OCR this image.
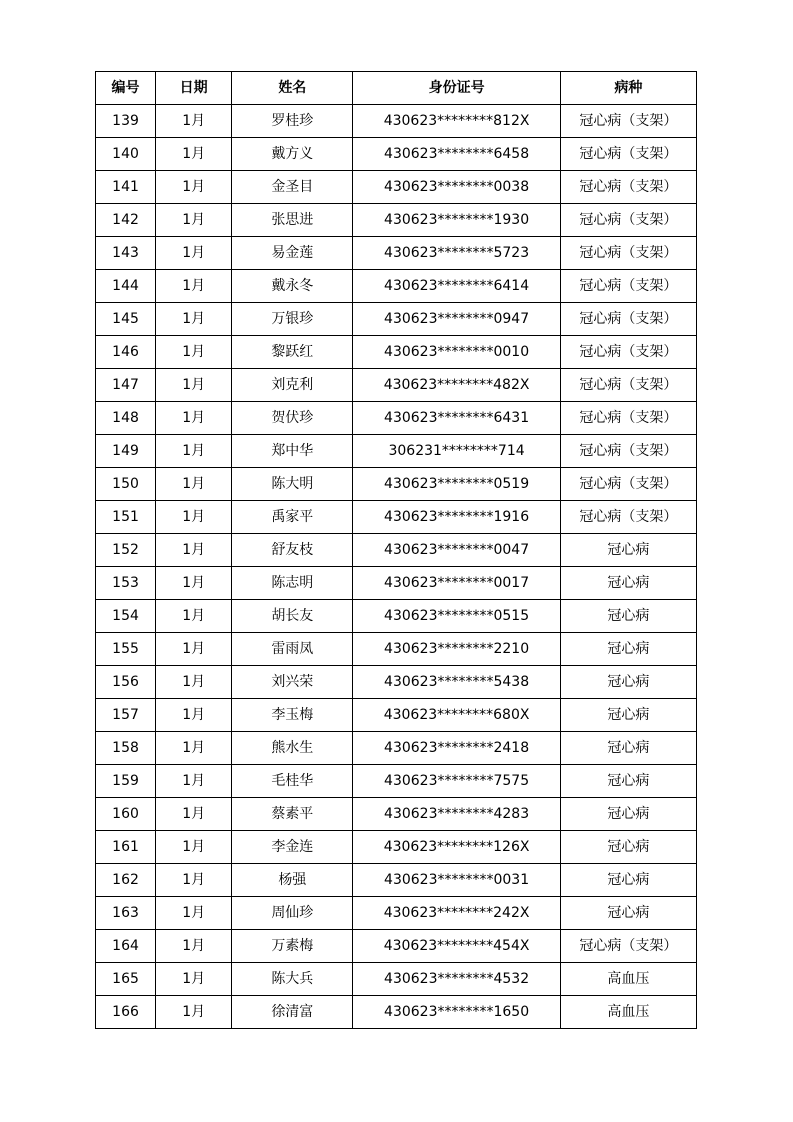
编号	日期	姓名	身份证号	病种
139	1月	罗桂珍	430623********812X	冠心病（支架）
140	1月	戴方义	430623********6458	冠心病（支架）
141	1月	金圣目	430623********0038	冠心病（支架）
142	1月	张思进	430623********1930	冠心病（支架）
143	1月	易金莲	430623********5723	冠心病（支架）
144	1月	戴永冬	430623********6414	冠心病（支架）
145	1月	万银珍	430623********0947	冠心病（支架）
146	1月	黎跃红	430623********0010	冠心病（支架）
147	1月	刘克利	430623********482X	冠心病（支架）
148	1月	贺伏珍	430623********6431	冠心病（支架）
149	1月	郑中华	306231********714	冠心病（支架）
150	1月	陈大明	430623********0519	冠心病（支架）
151	1月	禹家平	430623********1916	冠心病（支架）
152	1月	舒友枝	430623********0047	冠心病
153	1月	陈志明	430623********0017	冠心病
154	1月	胡长友	430623********0515	冠心病
155	1月	雷雨凤	430623********2210	冠心病
156	1月	刘兴荣	430623********5438	冠心病
157	1月	李玉梅	430623********680X	冠心病
158	1月	熊水生	430623********2418	冠心病
159	1月	毛桂华	430623********7575	冠心病
160	1月	蔡素平	430623********4283	冠心病
161	1月	李金连	430623********126X	冠心病
162	1月	杨强	430623********0031	冠心病
163	1月	周仙珍	430623********242X	冠心病
164	1月	万素梅	430623********454X	冠心病（支架）
165	1月	陈大兵	430623********4532	高血压
166	1月	徐清富	430623********1650	高血压
